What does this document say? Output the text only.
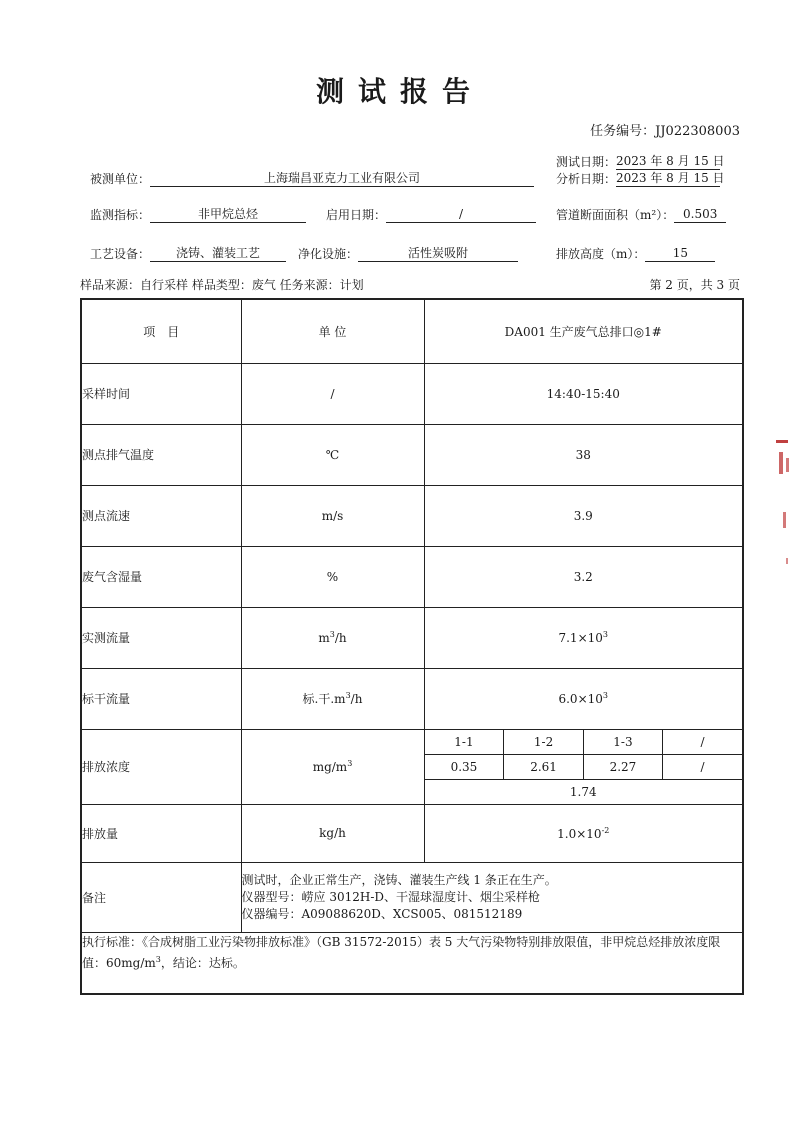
测试报告
任务编号：JJ022308003
测试日期：2023 年 8 月 15 日
分析日期：2023 年 8 月 15 日
被测单位：	上海瑞昌亚克力工业有限公司
监测指标：	非甲烷总烃	启用日期：	/	管道断面面积（m²）： 0.503
工艺设备： 浇铸、灌装工艺	净化设施：	活性炭吸附	排放高度（m）： 15
样品来源：自行采样 样品类型：废气 任务来源：计划	第 2 页，共 3 页
项　目	单 位	DA001 生产废气总排口◎1#
采样时间	/	14:40-15:40
测点排气温度	℃	38
测点流速	m/s	3.9
废气含湿量	%	3.2
实测流量	$m^3/h$	$7.1\times 10^3$
标干流量	标.干$.m^3/h$	$6.0\times 10^3$
排放浓度	$mg/m^3$	
1-1	1-2	1-3	/
0.35	2.61	2.27	/
1.74

排放量	kg/h	$1.0\times 10^{-2}$
备注	
测试时，企业正常生产，浇铸、灌装生产线 1 条正在生产。
仪器型号：崂应 3012H-D、干湿球湿度计、烟尘采样枪
仪器编号：A09088620D、XCS005、081512189

执行标准：《合成树脂工业污染物排放标准》（GB 31572-2015）表 5 大气污染物特别排放限值，非甲烷总烃排放浓度限
值：$60mg/m^3$，结论：达标。
